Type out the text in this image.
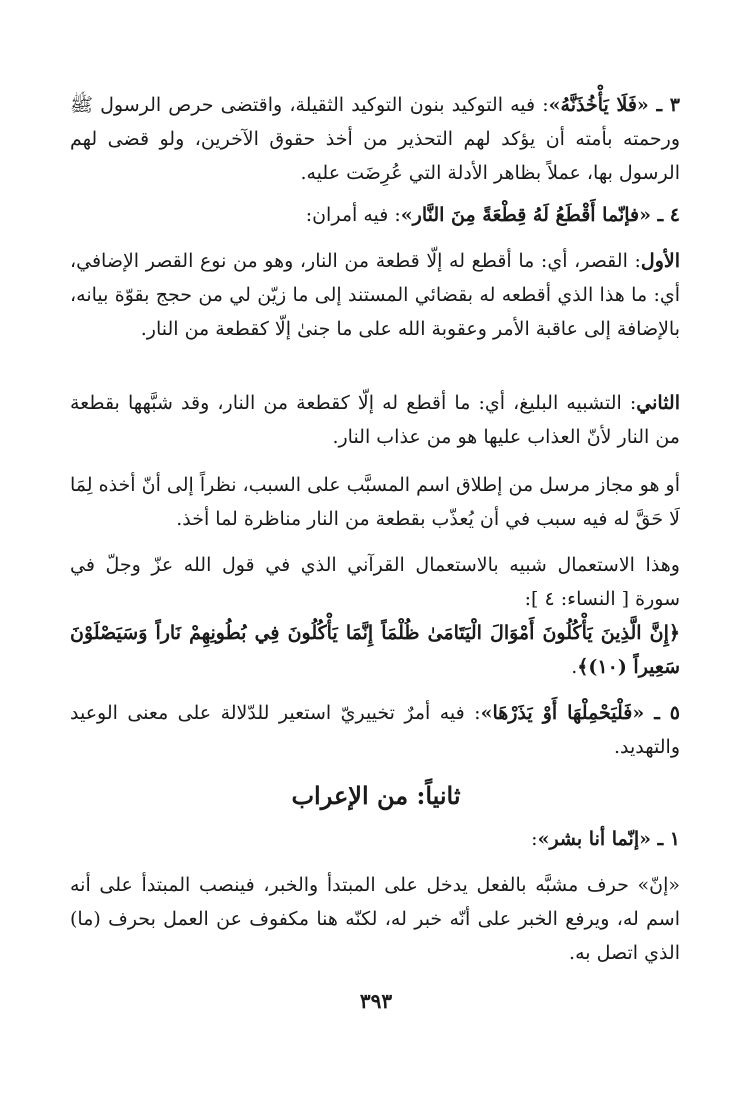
٣ ـ «فَلَا يَأْخُذَنَّهُ»: فيه التوكيد بنون التوكيد الثقيلة، واقتضى حرص الرسول ﷺ ورحمته بأمته أن يؤكد لهم التحذير من أخذ حقوق الآخرين، ولو قضى لهم الرسول بها، عملاً بظاهر الأدلة التي عُرِضَت عليه.

٤ ـ «فإنّما أَقْطَعُ لَهُ قِطْعَةً مِنَ النَّار»: فيه أمران:

الأول: القصر، أي: ما أقطع له إلّا قطعة من النار، وهو من نوع القصر الإضافي، أي: ما هذا الذي أقطعه له بقضائي المستند إلى ما زيّن لي من حجج بقوّة بيانه، بالإضافة إلى عاقبة الأمر وعقوبة الله على ما جنىٰ إلّا كقطعة من النار.

الثاني: التشبيه البليغ، أي: ما أقطع له إلّا كقطعة من النار، وقد شبَّهها بقطعة من النار لأنّ العذاب عليها هو من عذاب النار.

أو هو مجاز مرسل من إطلاق اسم المسبَّب على السبب، نظراً إلى أنّ أخذه لِمَا لَا حَقَّ له فيه سبب في أن يُعذّب بقطعة من النار مناظرة لما أخذ.

وهذا الاستعمال شبيه بالاستعمال القرآني الذي في قول الله عزّ وجلّ في سورة [ النساء: ٤ ]:

﴿إِنَّ الَّذِينَ يَأْكُلُونَ أَمْوَالَ الْيَتَامَىٰ ظُلْمَاً إِنَّمَا يَأْكُلُونَ فِي بُطُونِهِمْ نَاراً وَسَيَصْلَوْنَ سَعِيراً (١٠)﴾.

٥ ـ «فَلْيَحْمِلْهَا أَوْ يَذَرْهَا»: فيه أمرٌ تخييريّ استعير للدّلالة على معنى الوعيد والتهديد.

ثانياً: من الإعراب

١ ـ «إنّما أنا بشر»:

«إنّ» حرف مشبَّه بالفعل يدخل على المبتدأ والخبر، فينصب المبتدأ على أنه اسم له، ويرفع الخبر على أنّه خبر له، لكنّه هنا مكفوف عن العمل بحرف (ما) الذي اتصل به.

٣٩٣
